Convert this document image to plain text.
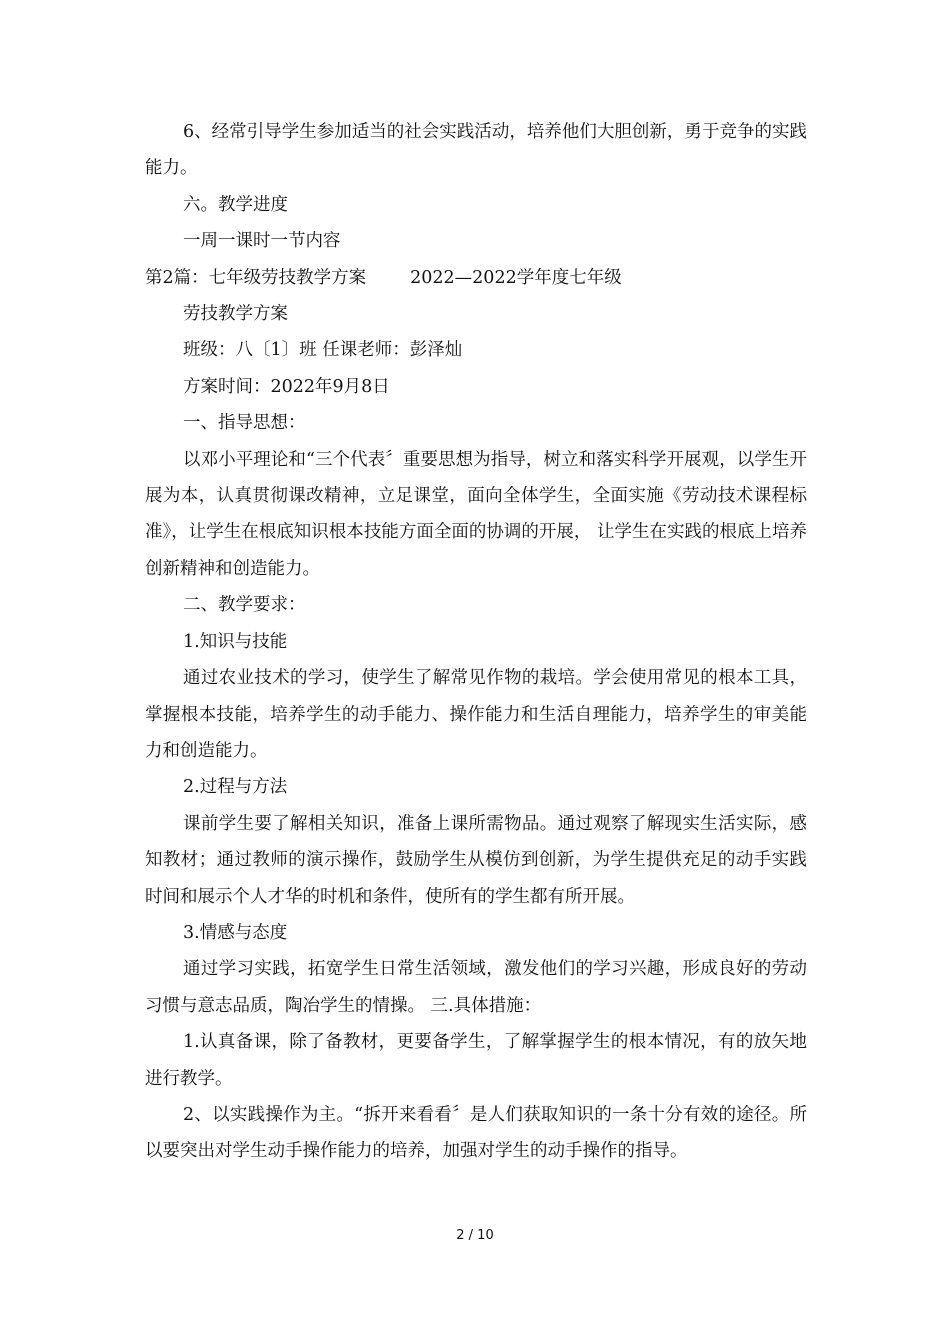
6、经常引导学生参加适当的社会实践活动，培养他们大胆创新，勇于竞争的实践能力。

六。教学进度

一周一课时一节内容

第2篇：七年级劳技教学方案	2022—2022学年度七年级

劳技教学方案

班级：八〔1〕班 任课老师：彭泽灿

方案时间：2022年9月8日

一、指导思想：

以邓小平理论和“三个代表〞重要思想为指导，树立和落实科学开展观，以学生开展为本，认真贯彻课改精神，立足课堂，面向全体学生，全面实施《劳动技术课程标准》，让学生在根底知识根本技能方面全面的协调的开展， 让学生在实践的根底上培养创新精神和创造能力。

二、教学要求：

1.知识与技能

通过农业技术的学习，使学生了解常见作物的栽培。学会使用常见的根本工具，掌握根本技能，培养学生的动手能力、操作能力和生活自理能力，培养学生的审美能力和创造能力。

2.过程与方法

课前学生要了解相关知识，准备上课所需物品。通过观察了解现实生活实际，感知教材；通过教师的演示操作，鼓励学生从模仿到创新，为学生提供充足的动手实践时间和展示个人才华的时机和条件，使所有的学生都有所开展。

3.情感与态度

通过学习实践，拓宽学生日常生活领域，激发他们的学习兴趣，形成良好的劳动习惯与意志品质，陶冶学生的情操。 三.具体措施：

1.认真备课，除了备教材，更要备学生，了解掌握学生的根本情况，有的放矢地进行教学。

2、以实践操作为主。“拆开来看看〞是人们获取知识的一条十分有效的途径。所以要突出对学生动手操作能力的培养，加强对学生的动手操作的指导。

2 / 10
